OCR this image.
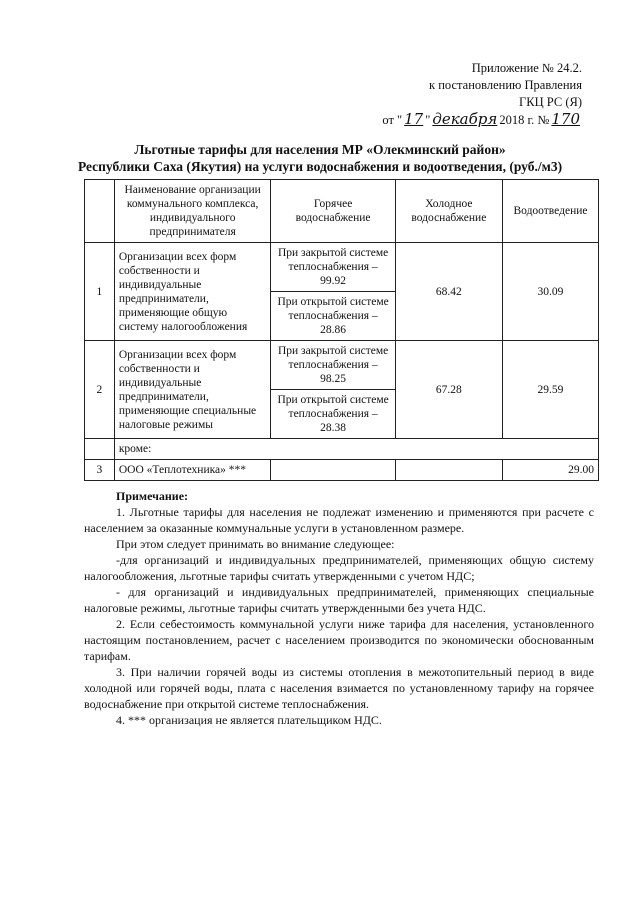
Приложение № 24.2.
к постановлению Правления
ГКЦ РС (Я)
от " 17 " декабря 2018 г. № 170
Льготные тарифы для населения МР «Олекминский район»
Республики Саха (Якутия) на услуги водоснабжения и водоотведения, (руб./м3)
	Наименование организации коммунального комплекса, индивидуального предпринимателя	Горячее водоснабжение	Холодное водоснабжение	Водоотведение
1	Организации всех форм собственности и индивидуальные предприниматели, применяющие общую систему налогообложения	При закрытой системе теплоснабжения – 99.92	68.42	30.09
		При открытой системе теплоснабжения – 28.86		
2	Организации всех форм собственности и индивидуальные предприниматели, применяющие специальные налоговые режимы	При закрытой системе теплоснабжения – 98.25	67.28	29.59
		При открытой системе теплоснабжения – 28.38		
	кроме:			
3	ООО «Теплотехника» ***			29.00

Примечание:

1. Льготные тарифы для населения не подлежат изменению и применяются при расчете с населением за оказанные коммунальные услуги в установленном размере.

При этом следует принимать во внимание следующее:

-для организаций и индивидуальных предпринимателей, применяющих общую систему налогообложения, льготные тарифы считать утвержденными с учетом НДС;

- для организаций и индивидуальных предпринимателей, применяющих специальные налоговые режимы, льготные тарифы считать утвержденными без учета НДС.

2. Если себестоимость коммунальной услуги ниже тарифа для населения, установленного настоящим постановлением, расчет с населением производится по экономически обоснованным тарифам.

3. При наличии горячей воды из системы отопления в межотопительный период в виде холодной или горячей воды, плата с населения взимается по установленному тарифу на горячее водоснабжение при открытой системе теплоснабжения.

4. *** организация не является плательщиком НДС.
